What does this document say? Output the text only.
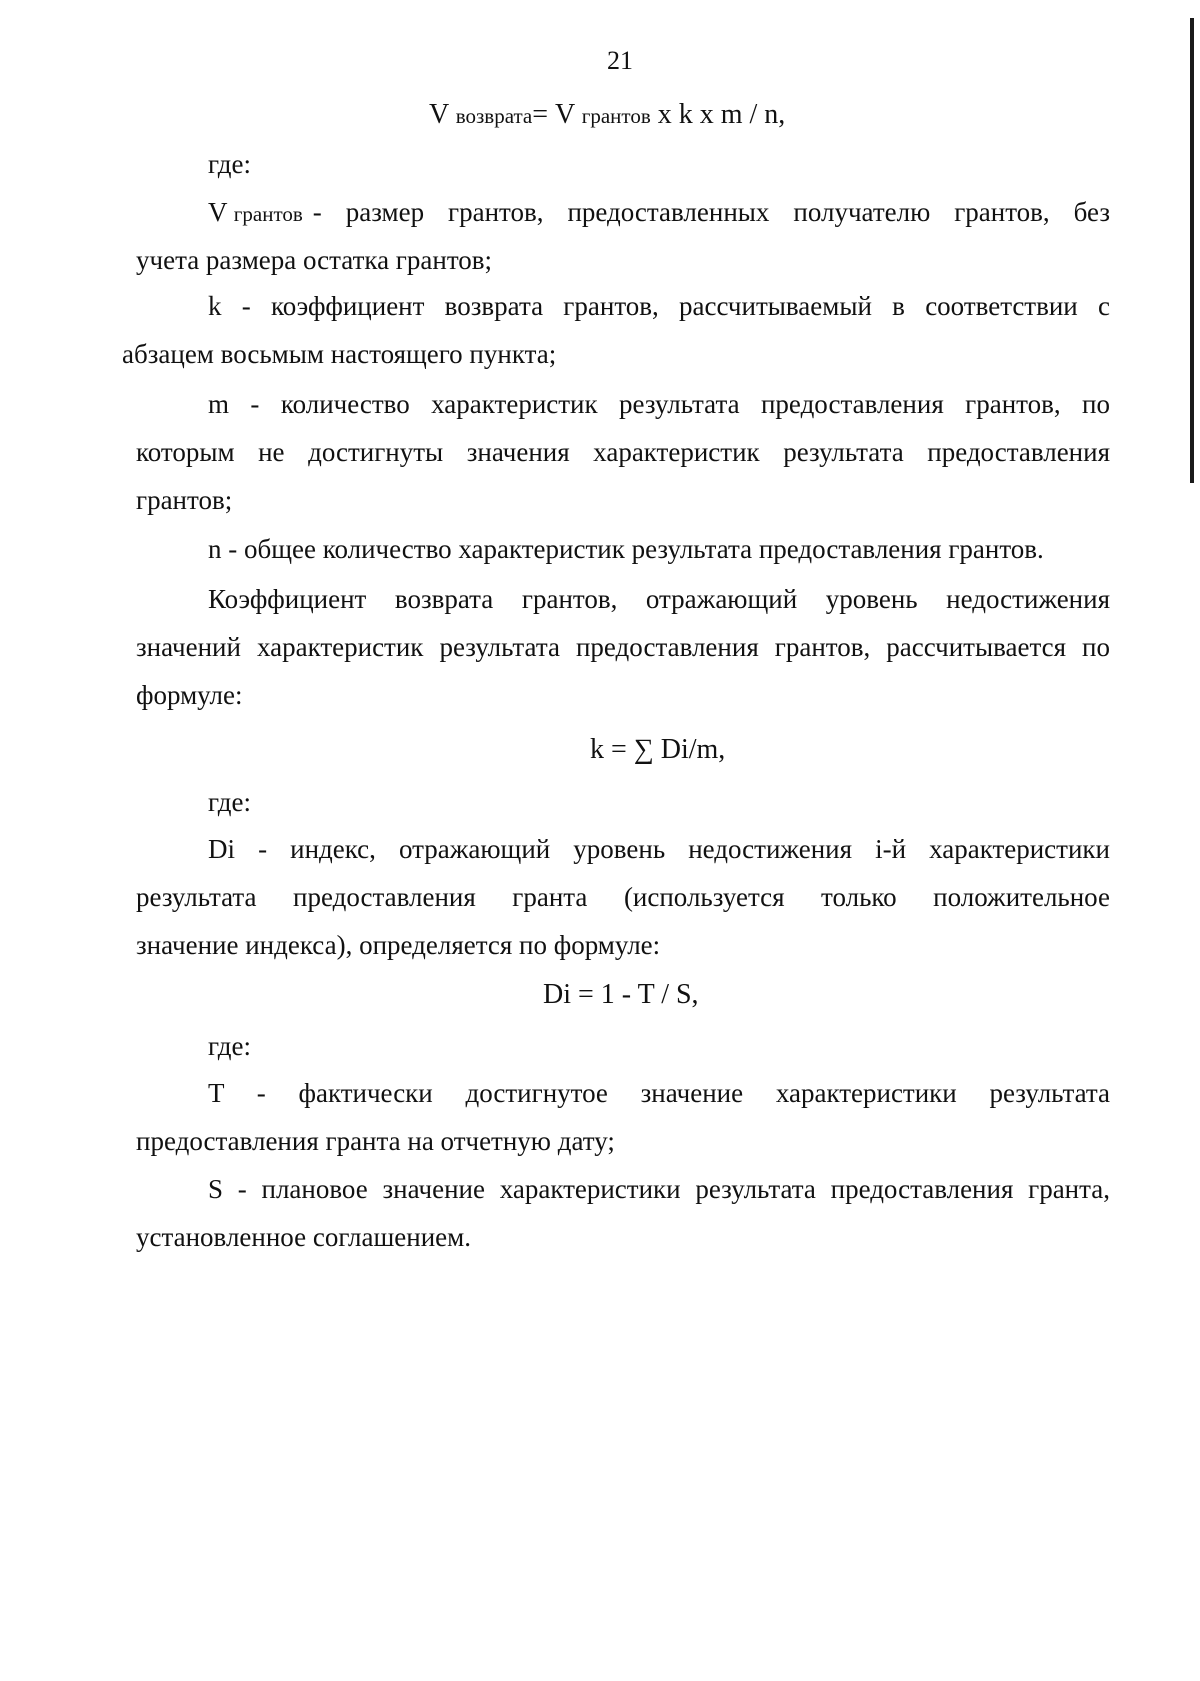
21
V возврата= V грантов x k x m / n,
где:
V грантов - размер грантов, предоставленных получателю грантов, без
учета размера остатка грантов;
k - коэффициент возврата грантов, рассчитываемый в соответствии с
абзацем восьмым настоящего пункта;
m - количество характеристик результата предоставления грантов, по
которым не достигнуты значения характеристик результата предоставления
грантов;
n - общее количество характеристик результата предоставления грантов.
Коэффициент возврата грантов, отражающий уровень недостижения
значений характеристик результата предоставления грантов, рассчитывается по
формуле:
k = ∑ Di/m,
где:
Di - индекс, отражающий уровень недостижения i-й характеристики
результата предоставления гранта (используется только положительное
значение индекса), определяется по формуле:
Di = 1 - T / S,
где:
T - фактически достигнутое значение характеристики результата
предоставления гранта на отчетную дату;
S - плановое значение характеристики результата предоставления гранта,
установленное соглашением.
